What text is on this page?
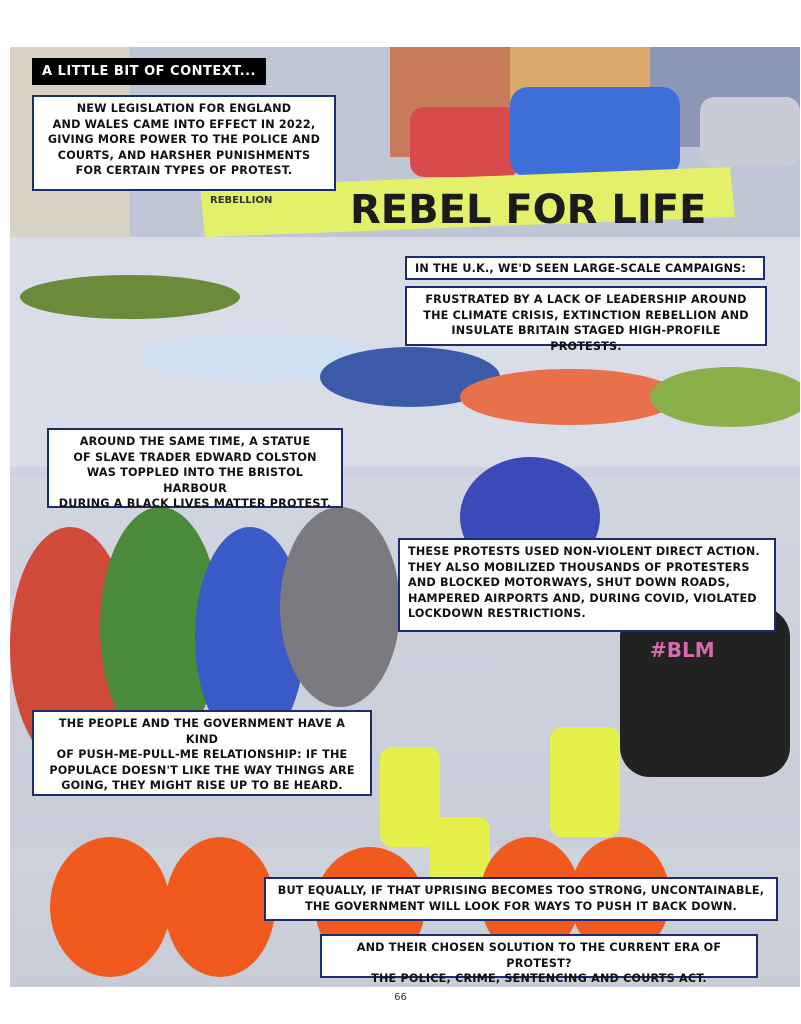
REBEL FOR LIFE
REBELLION
#BLM
A LITTLE BIT OF CONTEXT...
NEW LEGISLATION FOR ENGLAND
AND WALES CAME INTO EFFECT IN 2022,
GIVING MORE POWER TO THE POLICE AND
COURTS, AND HARSHER PUNISHMENTS
FOR CERTAIN TYPES OF PROTEST.
IN THE U.K., WE'D SEEN LARGE-SCALE CAMPAIGNS:
FRUSTRATED BY A LACK OF LEADERSHIP AROUND
THE CLIMATE CRISIS, EXTINCTION REBELLION AND
INSULATE BRITAIN STAGED HIGH-PROFILE PROTESTS.
AROUND THE SAME TIME, A STATUE
OF SLAVE TRADER EDWARD COLSTON
WAS TOPPLED INTO THE BRISTOL HARBOUR
DURING A BLACK LIVES MATTER PROTEST.
THESE PROTESTS USED NON-VIOLENT DIRECT ACTION.
THEY ALSO MOBILIZED THOUSANDS OF PROTESTERS
AND BLOCKED MOTORWAYS, SHUT DOWN ROADS,
HAMPERED AIRPORTS AND, DURING COVID, VIOLATED
LOCKDOWN RESTRICTIONS.
THE PEOPLE AND THE GOVERNMENT HAVE A KIND
OF PUSH-ME-PULL-ME RELATIONSHIP: IF THE
POPULACE DOESN'T LIKE THE WAY THINGS ARE
GOING, THEY MIGHT RISE UP TO BE HEARD.
BUT EQUALLY, IF THAT UPRISING BECOMES TOO STRONG, UNCONTAINABLE,
THE GOVERNMENT WILL LOOK FOR WAYS TO PUSH IT BACK DOWN.
AND THEIR CHOSEN SOLUTION TO THE CURRENT ERA OF PROTEST?
THE POLICE, CRIME, SENTENCING AND COURTS ACT.
66
